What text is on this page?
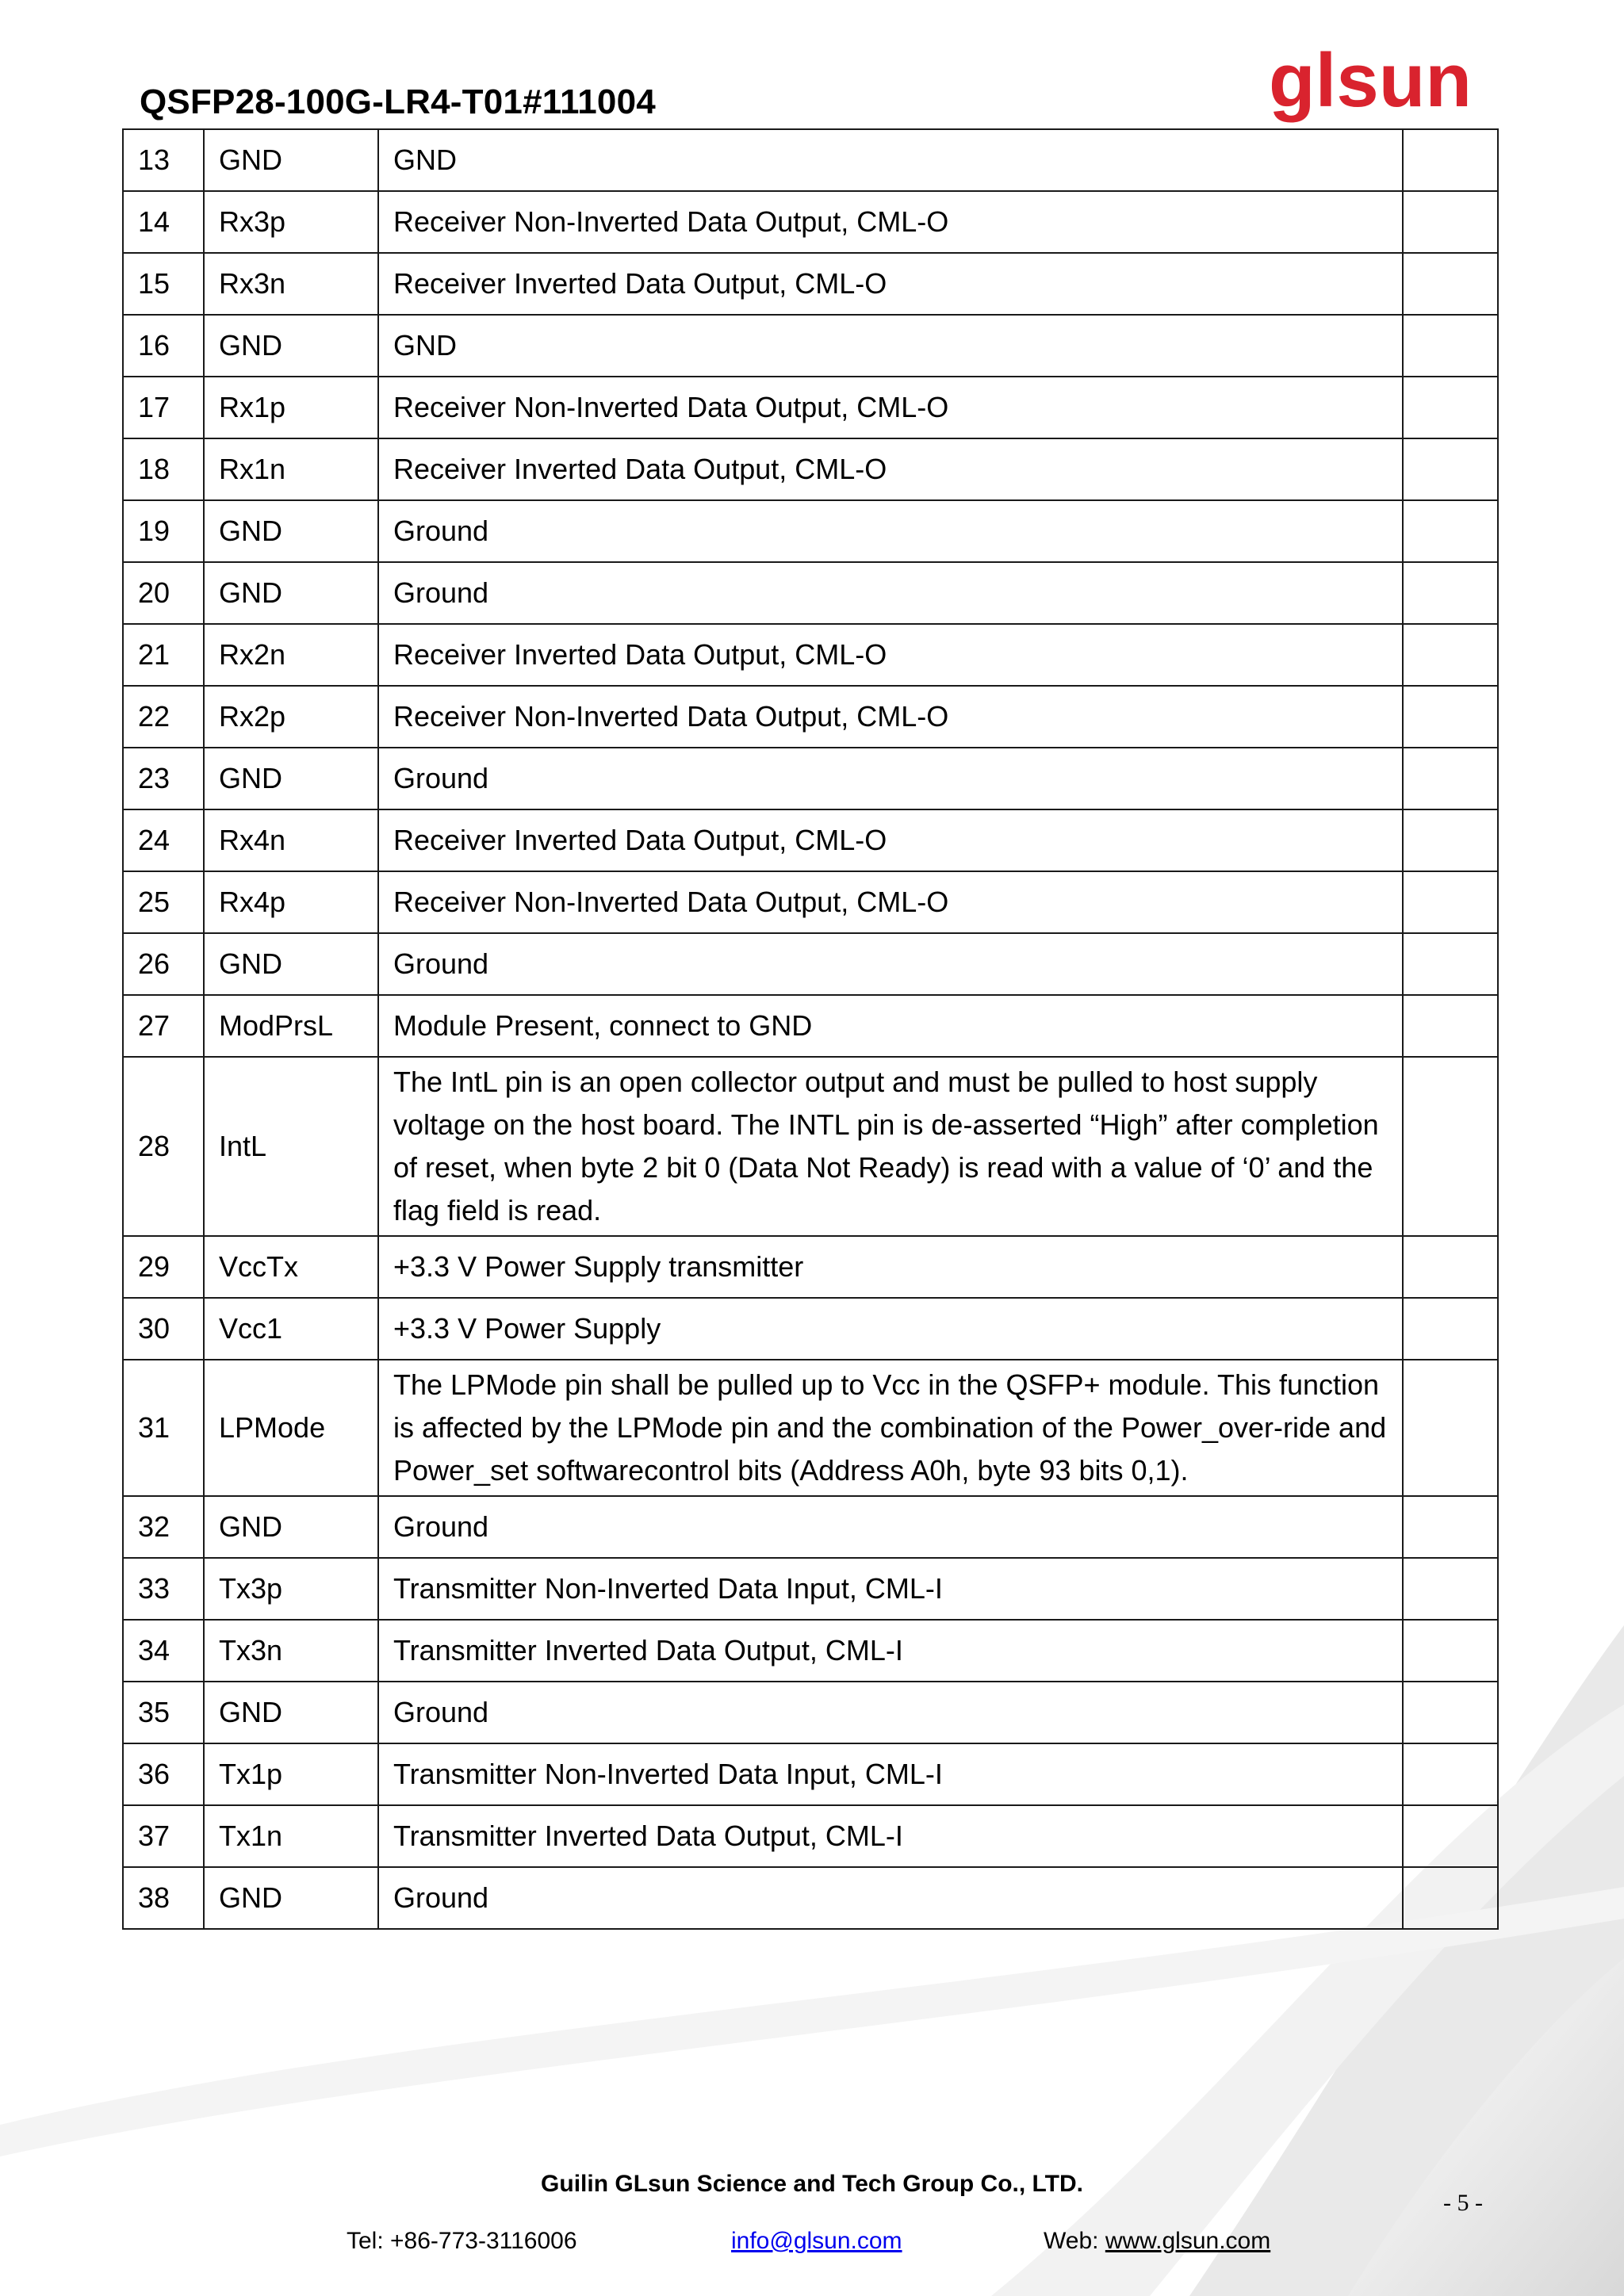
QSFP28-100G-LR4-T01#111004	glsun
13	GND	GND	
14	Rx3p	Receiver Non-Inverted Data Output, CML-O	
15	Rx3n	Receiver Inverted Data Output, CML-O	
16	GND	GND	
17	Rx1p	Receiver Non-Inverted Data Output, CML-O	
18	Rx1n	Receiver Inverted Data Output, CML-O	
19	GND	Ground	
20	GND	Ground	
21	Rx2n	Receiver Inverted Data Output, CML-O	
22	Rx2p	Receiver Non-Inverted Data Output, CML-O	
23	GND	Ground	
24	Rx4n	Receiver Inverted Data Output, CML-O	
25	Rx4p	Receiver Non-Inverted Data Output, CML-O	
26	GND	Ground	
27	ModPrsL	Module Present, connect to GND	
28	IntL	The IntL pin is an open collector output and must be pulled to host supply voltage on the host board. The INTL pin is de-asserted “High” after completion of reset, when byte 2 bit 0 (Data Not Ready) is read with a value of ‘0’ and the flag field is read.	
29	VccTx	+3.3 V Power Supply transmitter	
30	Vcc1	+3.3 V Power Supply	
31	LPMode	The LPMode pin shall be pulled up to Vcc in the QSFP+ module. This function is affected by the LPMode pin and the combination of the Power_over-ride and Power_set softwarecontrol bits (Address A0h, byte 93 bits 0,1).	
32	GND	Ground	
33	Tx3p	Transmitter Non-Inverted Data Input, CML-I	
34	Tx3n	Transmitter Inverted Data Output, CML-I	
35	GND	Ground	
36	Tx1p	Transmitter Non-Inverted Data Input, CML-I	
37	Tx1n	Transmitter Inverted Data Output, CML-I	
38	GND	Ground	
Guilin GLsun Science and Tech Group Co., LTD.
- 5 -
Tel: +86-773-3116006	info@glsun.com	Web: www.glsun.com
